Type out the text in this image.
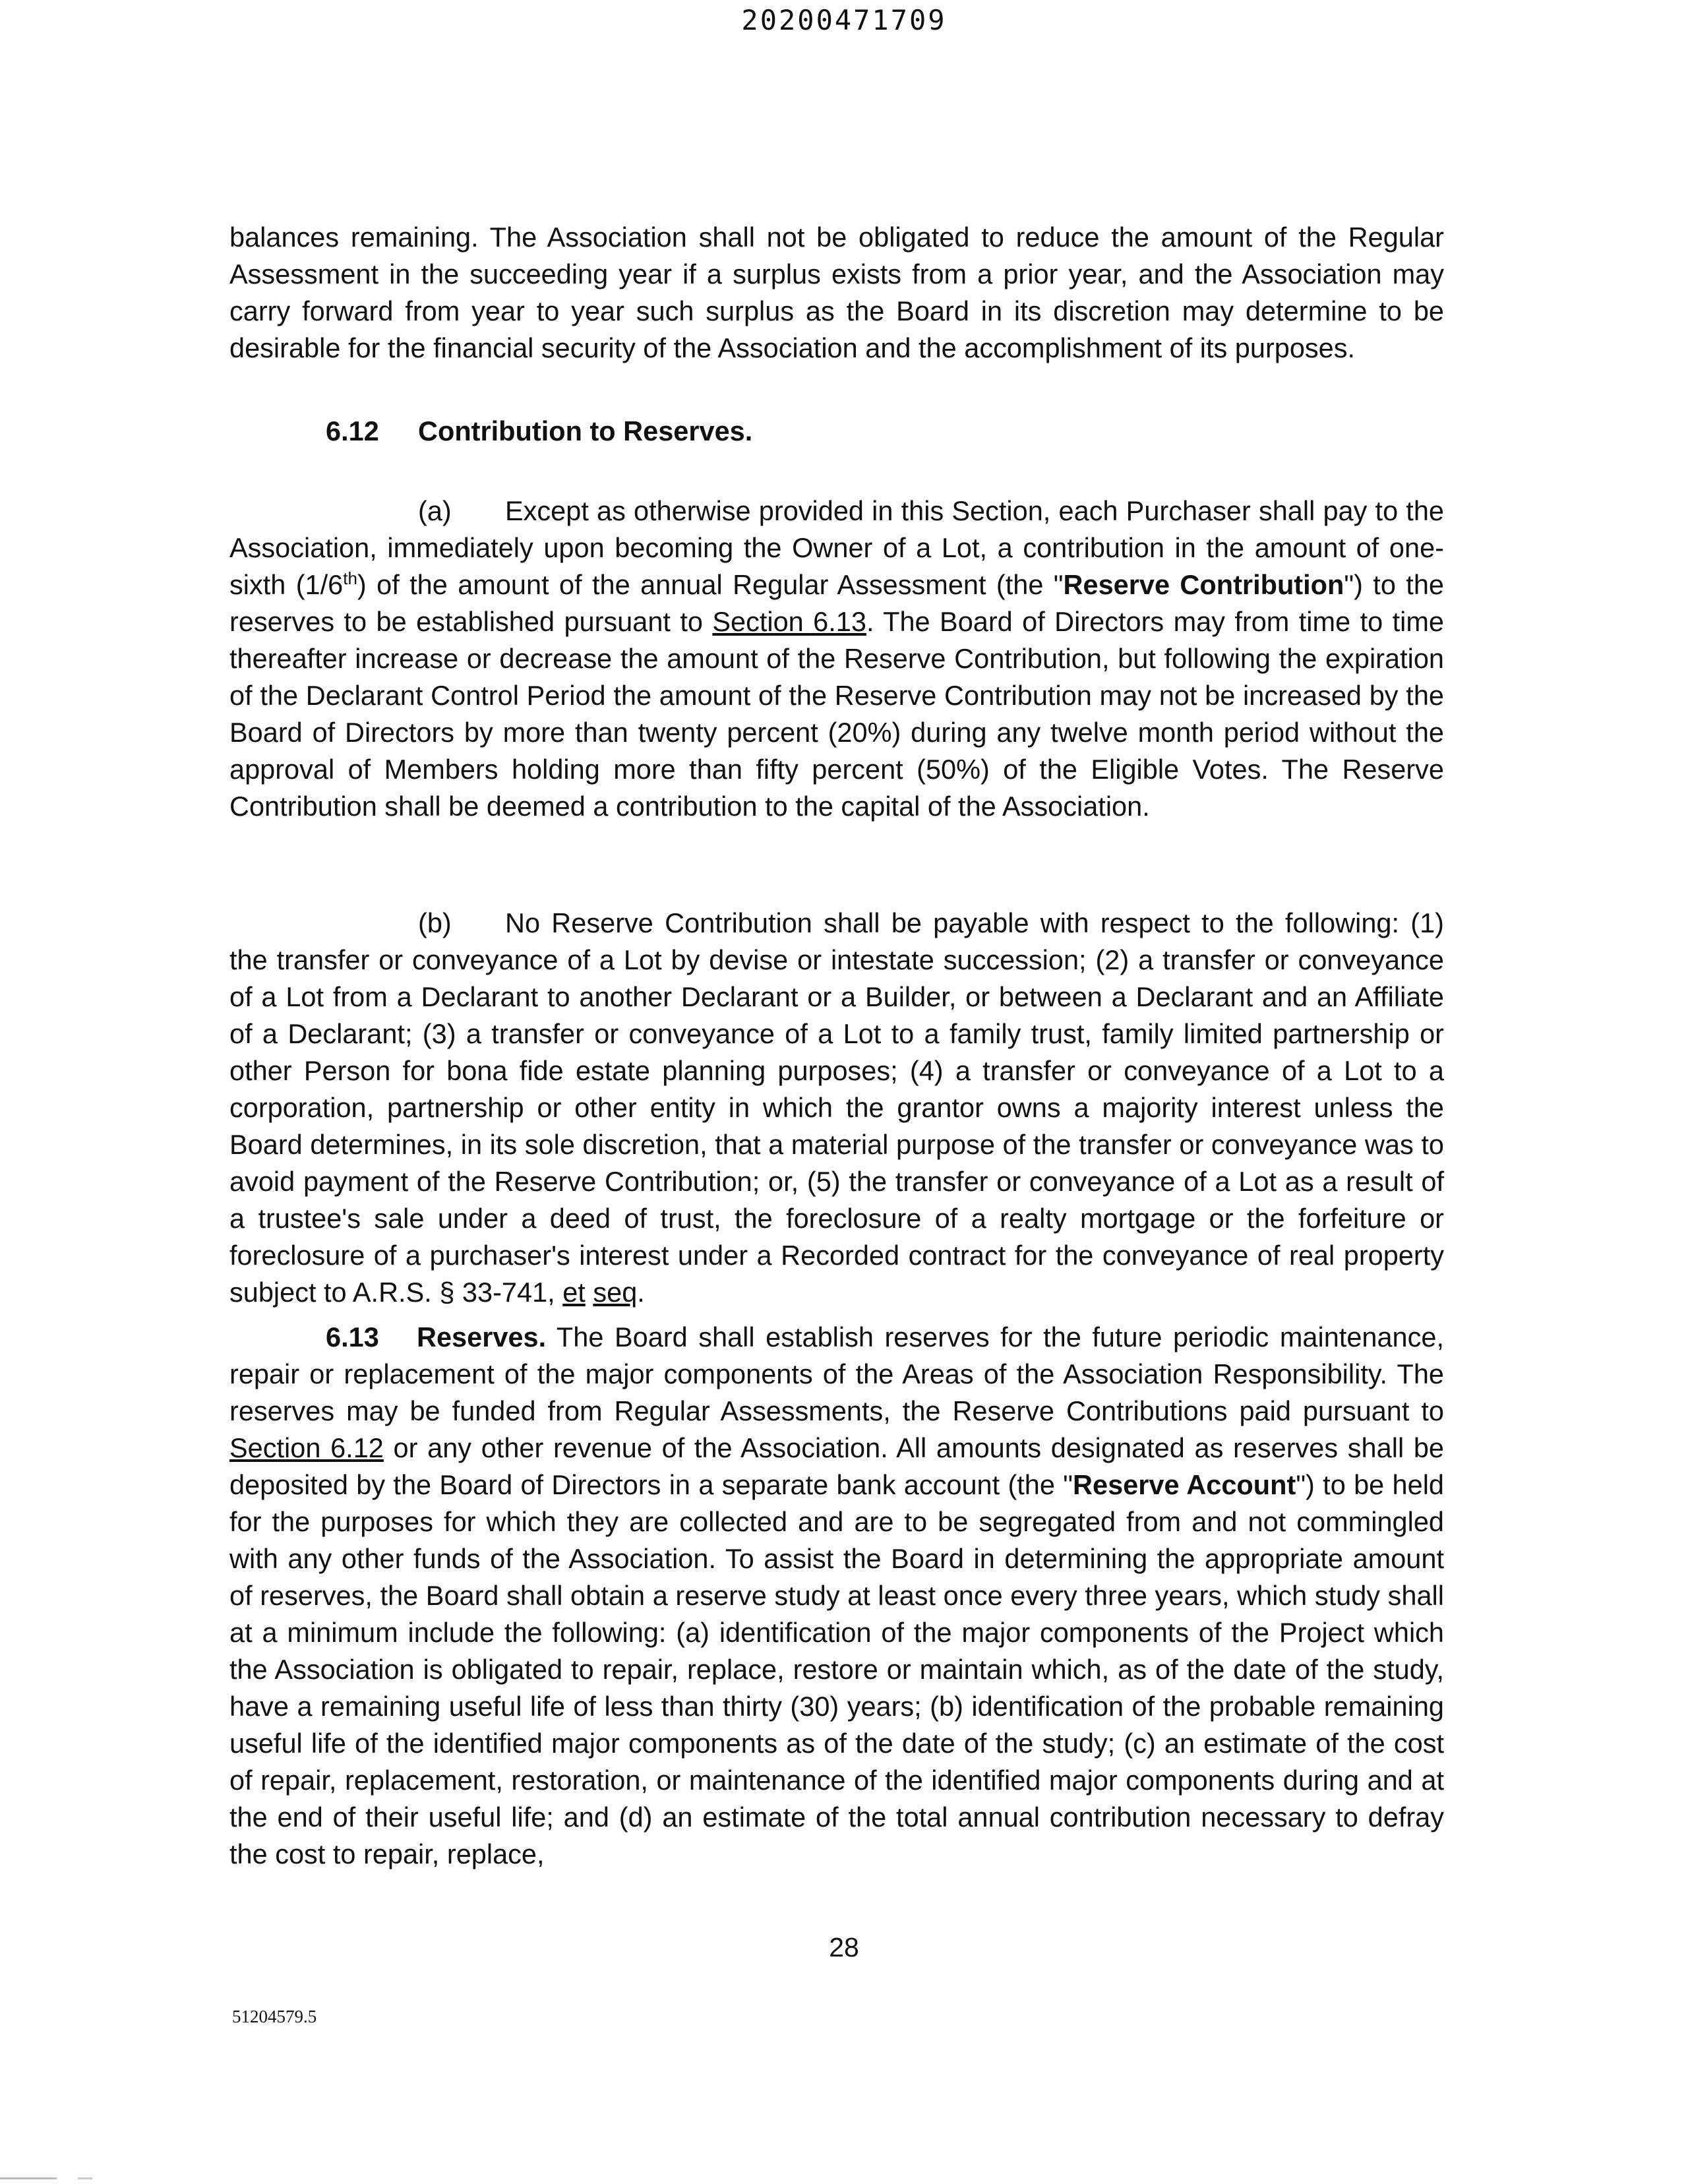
20200471709

balances remaining. The Association shall not be obligated to reduce the amount of the Regular Assessment in the succeeding year if a surplus exists from a prior year, and the Association may carry forward from year to year such surplus as the Board in its discretion may determine to be desirable for the financial security of the Association and the accomplishment of its purposes.

6.12 Contribution to Reserves.

(a) Except as otherwise provided in this Section, each Purchaser shall pay to the Association, immediately upon becoming the Owner of a Lot, a contribution in the amount of one-sixth (1/6th) of the amount of the annual Regular Assessment (the "Reserve Contribution") to the reserves to be established pursuant to Section 6.13. The Board of Directors may from time to time thereafter increase or decrease the amount of the Reserve Contribution, but following the expiration of the Declarant Control Period the amount of the Reserve Contribution may not be increased by the Board of Directors by more than twenty percent (20%) during any twelve month period without the approval of Members holding more than fifty percent (50%) of the Eligible Votes. The Reserve Contribution shall be deemed a contribution to the capital of the Association.

(b) No Reserve Contribution shall be payable with respect to the following: (1) the transfer or conveyance of a Lot by devise or intestate succession; (2) a transfer or conveyance of a Lot from a Declarant to another Declarant or a Builder, or between a Declarant and an Affiliate of a Declarant; (3) a transfer or conveyance of a Lot to a family trust, family limited partnership or other Person for bona fide estate planning purposes; (4) a transfer or conveyance of a Lot to a corporation, partnership or other entity in which the grantor owns a majority interest unless the Board determines, in its sole discretion, that a material purpose of the transfer or conveyance was to avoid payment of the Reserve Contribution; or, (5) the transfer or conveyance of a Lot as a result of a trustee's sale under a deed of trust, the foreclosure of a realty mortgage or the forfeiture or foreclosure of a purchaser's interest under a Recorded contract for the conveyance of real property subject to A.R.S. § 33-741, et seq.

6.13 Reserves. The Board shall establish reserves for the future periodic maintenance, repair or replacement of the major components of the Areas of the Association Responsibility. The reserves may be funded from Regular Assessments, the Reserve Contributions paid pursuant to Section 6.12 or any other revenue of the Association. All amounts designated as reserves shall be deposited by the Board of Directors in a separate bank account (the "Reserve Account") to be held for the purposes for which they are collected and are to be segregated from and not commingled with any other funds of the Association. To assist the Board in determining the appropriate amount of reserves, the Board shall obtain a reserve study at least once every three years, which study shall at a minimum include the following: (a) identification of the major components of the Project which the Association is obligated to repair, replace, restore or maintain which, as of the date of the study, have a remaining useful life of less than thirty (30) years; (b) identification of the probable remaining useful life of the identified major components as of the date of the study; (c) an estimate of the cost of repair, replacement, restoration, or maintenance of the identified major components during and at the end of their useful life; and (d) an estimate of the total annual contribution necessary to defray the cost to repair, replace,

28
51204579.5
